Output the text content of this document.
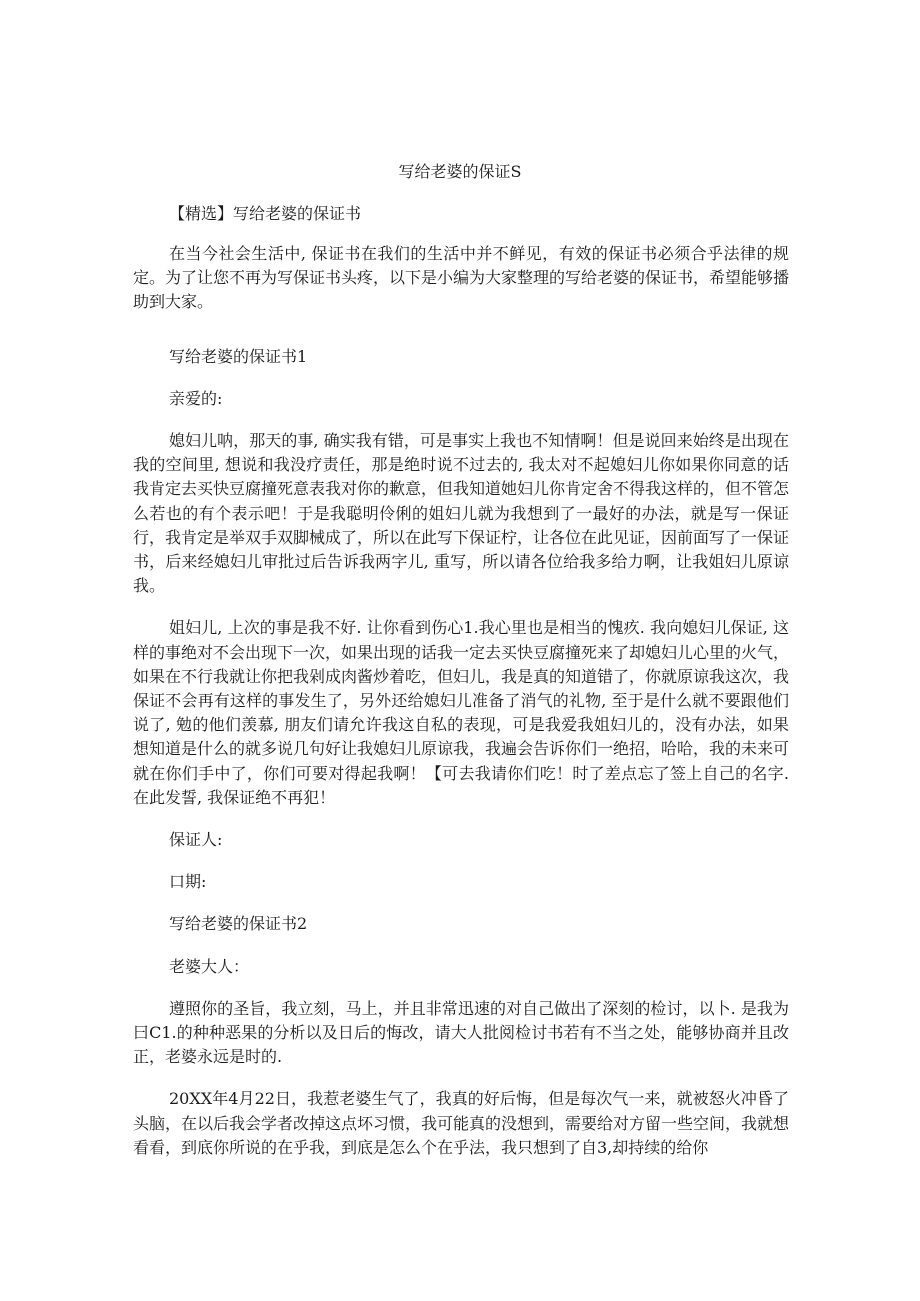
写给老婆的保证S
【精选】写给老婆的保证书

在当今社会生活中, 保证书在我们的生活中并不鲜见，有效的保证书必须合乎法律的规定。为了让您不再为写保证书头疼，以下是小编为大家整理的写给老婆的保证书，希望能够播助到大家。

写给老婆的保证书1

亲爱的:

媳妇儿呐，那天的事, 确实我有错，可是事实上我也不知情啊！但是说回来始终是出现在我的空间里, 想说和我没疗责任，那是绝时说不过去的, 我太对不起媳妇儿你如果你同意的话我肯定去买快豆腐撞死意表我对你的歉意，但我知道她妇儿你肯定舍不得我这样的，但不管怎么若也的有个表示吧！于是我聪明伶俐的姐妇儿就为我想到了一最好的办法，就是写一保证行，我肯定是举双手双脚械成了，所以在此写下保证柠，让各位在此见证，因前面写了一保证书，后来经媳妇儿审批过后告诉我两字儿, 重写，所以请各位给我多给力啊，让我姐妇儿原谅我。

姐妇儿, 上次的事是我不好. 让你看到伤心1.我心里也是相当的愧疚. 我向媳妇儿保证, 这样的事绝对不会出现下一次，如果出现的话我一定去买快豆腐撞死来了却媳妇儿心里的火气，如果在不行我就让你把我剁成肉酱炒着吃，但妇儿，我是真的知道错了，你就原谅我这次，我保证不会再有这样的事发生了，另外还给媳妇儿准备了消气的礼物, 至于是什么就不要跟他们说了, 勉的他们羡慕, 朋友们请允许我这自私的表现，可是我爱我姐妇儿的，没有办法，如果想知道是什么的就多说几句好让我媳妇儿原谅我，我遍会告诉你们一绝招，哈哈，我的未来可就在你们手中了，你们可要对得起我啊！【可去我请你们吃！时了差点忘了签上自己的名字. 在此发誓, 我保证绝不再犯！

保证人:

口期:

写给老婆的保证书2

老婆大人：

遵照你的圣旨，我立刻，马上，并且非常迅速的对自己做出了深刻的检讨，以卜. 是我为曰C1.的种种恶果的分析以及日后的悔改，请大人批阅检讨书若有不当之处，能够协商并且改正，老婆永远是时的.

20XX年4月22日，我惹老婆生气了，我真的好后悔，但是每次气一来，就被怒火冲昏了头脑，在以后我会学者改掉这点坏习惯，我可能真的没想到，需要给对方留一些空间，我就想看看，到底你所说的在乎我，到底是怎么个在乎法，我只想到了自3,却持续的给你
